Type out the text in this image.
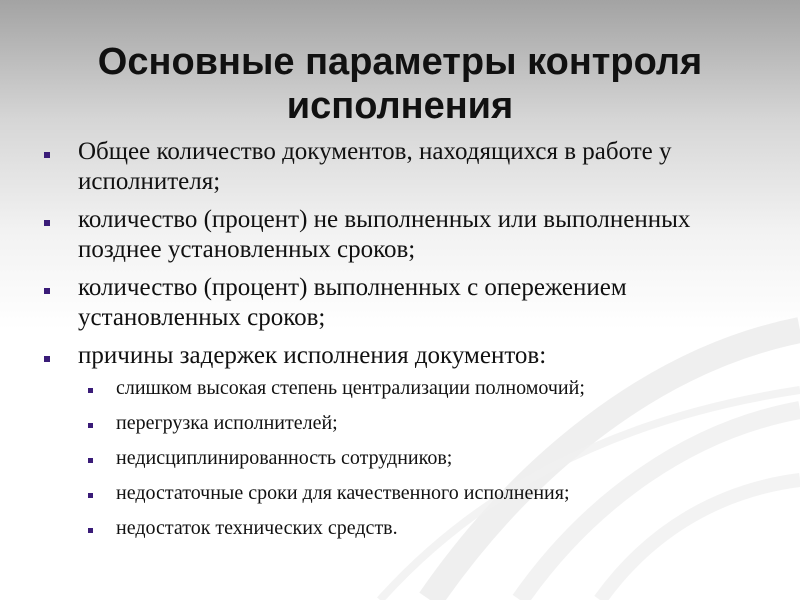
Основные параметры контроля исполнения
Общее количество документов, находящихся в работе у исполнителя;
количество (процент) не выполненных или выполненных позднее установленных сроков;
количество (процент) выполненных с опережением установленных сроков;
причины задержек исполнения документов:
слишком высокая степень централизации полномочий;
перегрузка исполнителей;
недисциплинированность сотрудников;
недостаточные сроки для качественного исполнения;
недостаток технических средств.
